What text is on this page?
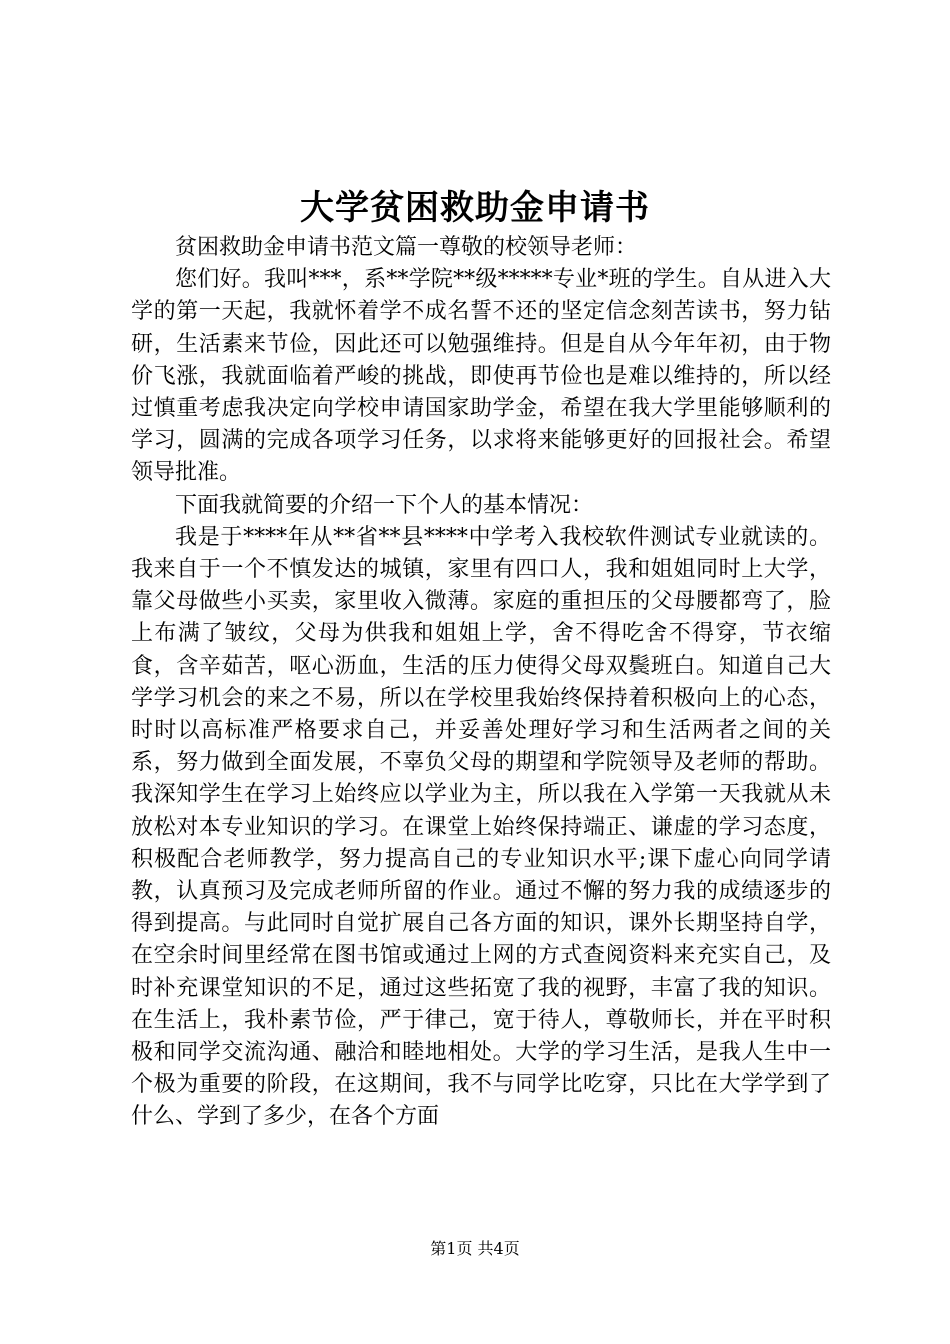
大学贫困救助金申请书

贫困救助金申请书范文篇一尊敬的校领导老师：

您们好。我叫***，系**学院**级*****专业*班的学生。自从进入大学的第一天起，我就怀着学不成名誓不还的坚定信念刻苦读书，努力钻研，生活素来节俭，因此还可以勉强维持。但是自从今年年初，由于物价飞涨，我就面临着严峻的挑战，即使再节俭也是难以维持的，所以经过慎重考虑我决定向学校申请国家助学金，希望在我大学里能够顺利的学习，圆满的完成各项学习任务，以求将来能够更好的回报社会。希望领导批准。

下面我就简要的介绍一下个人的基本情况：

我是于****年从**省**县****中学考入我校软件测试专业就读的。我来自于一个不慎发达的城镇，家里有四口人，我和姐姐同时上大学，靠父母做些小买卖，家里收入微薄。家庭的重担压的父母腰都弯了，脸上布满了皱纹，父母为供我和姐姐上学，舍不得吃舍不得穿，节衣缩食，含辛茹苦，呕心沥血，生活的压力使得父母双鬓班白。知道自己大学学习机会的来之不易，所以在学校里我始终保持着积极向上的心态，时时以高标准严格要求自己，并妥善处理好学习和生活两者之间的关系，努力做到全面发展，不辜负父母的期望和学院领导及老师的帮助。我深知学生在学习上始终应以学业为主，所以我在入学第一天我就从未放松对本专业知识的学习。在课堂上始终保持端正、谦虚的学习态度，积极配合老师教学，努力提高自己的专业知识水平;课下虚心向同学请教，认真预习及完成老师所留的作业。通过不懈的努力我的成绩逐步的得到提高。与此同时自觉扩展自己各方面的知识，课外长期坚持自学，在空余时间里经常在图书馆或通过上网的方式查阅资料来充实自己，及时补充课堂知识的不足，通过这些拓宽了我的视野，丰富了我的知识。在生活上，我朴素节俭，严于律己，宽于待人，尊敬师长，并在平时积极和同学交流沟通、融洽和睦地相处。大学的学习生活，是我人生中一个极为重要的阶段，在这期间，我不与同学比吃穿，只比在大学学到了什么、学到了多少，在各个方面

第1页 共4页
